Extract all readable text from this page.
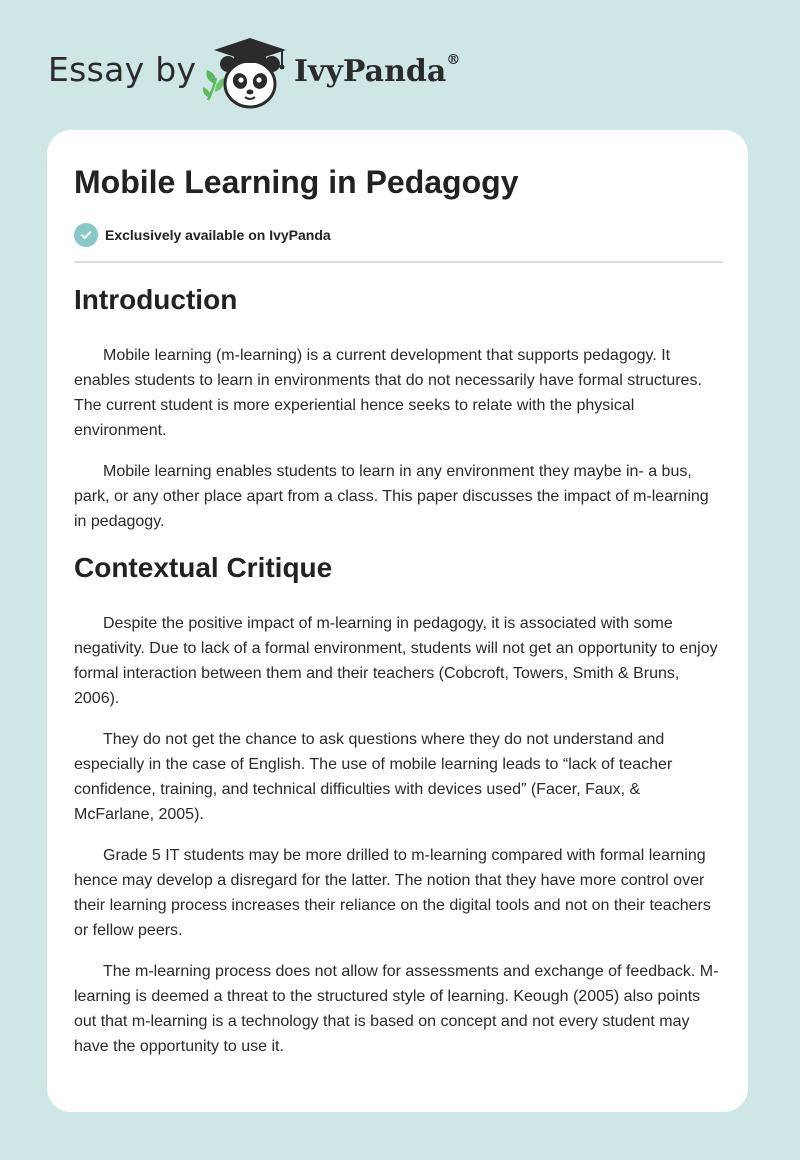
Essay by	IvyPanda®
Mobile Learning in Pedagogy
Exclusively available on IvyPanda
Introduction

Mobile learning (m-learning) is a current development that supports pedagogy. It enables students to learn in environments that do not necessarily have formal structures. The current student is more experiential hence seeks to relate with the physical environment.

Mobile learning enables students to learn in any environment they maybe in- a bus, park, or any other place apart from a class. This paper discusses the impact of m-learning in pedagogy.

Contextual Critique

Despite the positive impact of m-learning in pedagogy, it is associated with some negativity. Due to lack of a formal environment, students will not get an opportunity to enjoy formal interaction between them and their teachers (Cobcroft, Towers, Smith & Bruns, 2006).

They do not get the chance to ask questions where they do not understand and especially in the case of English. The use of mobile learning leads to “lack of teacher confidence, training, and technical difficulties with devices used” (Facer, Faux, & McFarlane, 2005).

Grade 5 IT students may be more drilled to m-learning compared with formal learning hence may develop a disregard for the latter. The notion that they have more control over their learning process increases their reliance on the digital tools and not on their teachers or fellow peers.

The m-learning process does not allow for assessments and exchange of feedback. M-learning is deemed a threat to the structured style of learning. Keough (2005) also points out that m-learning is a technology that is based on concept and not every student may have the opportunity to use it.
